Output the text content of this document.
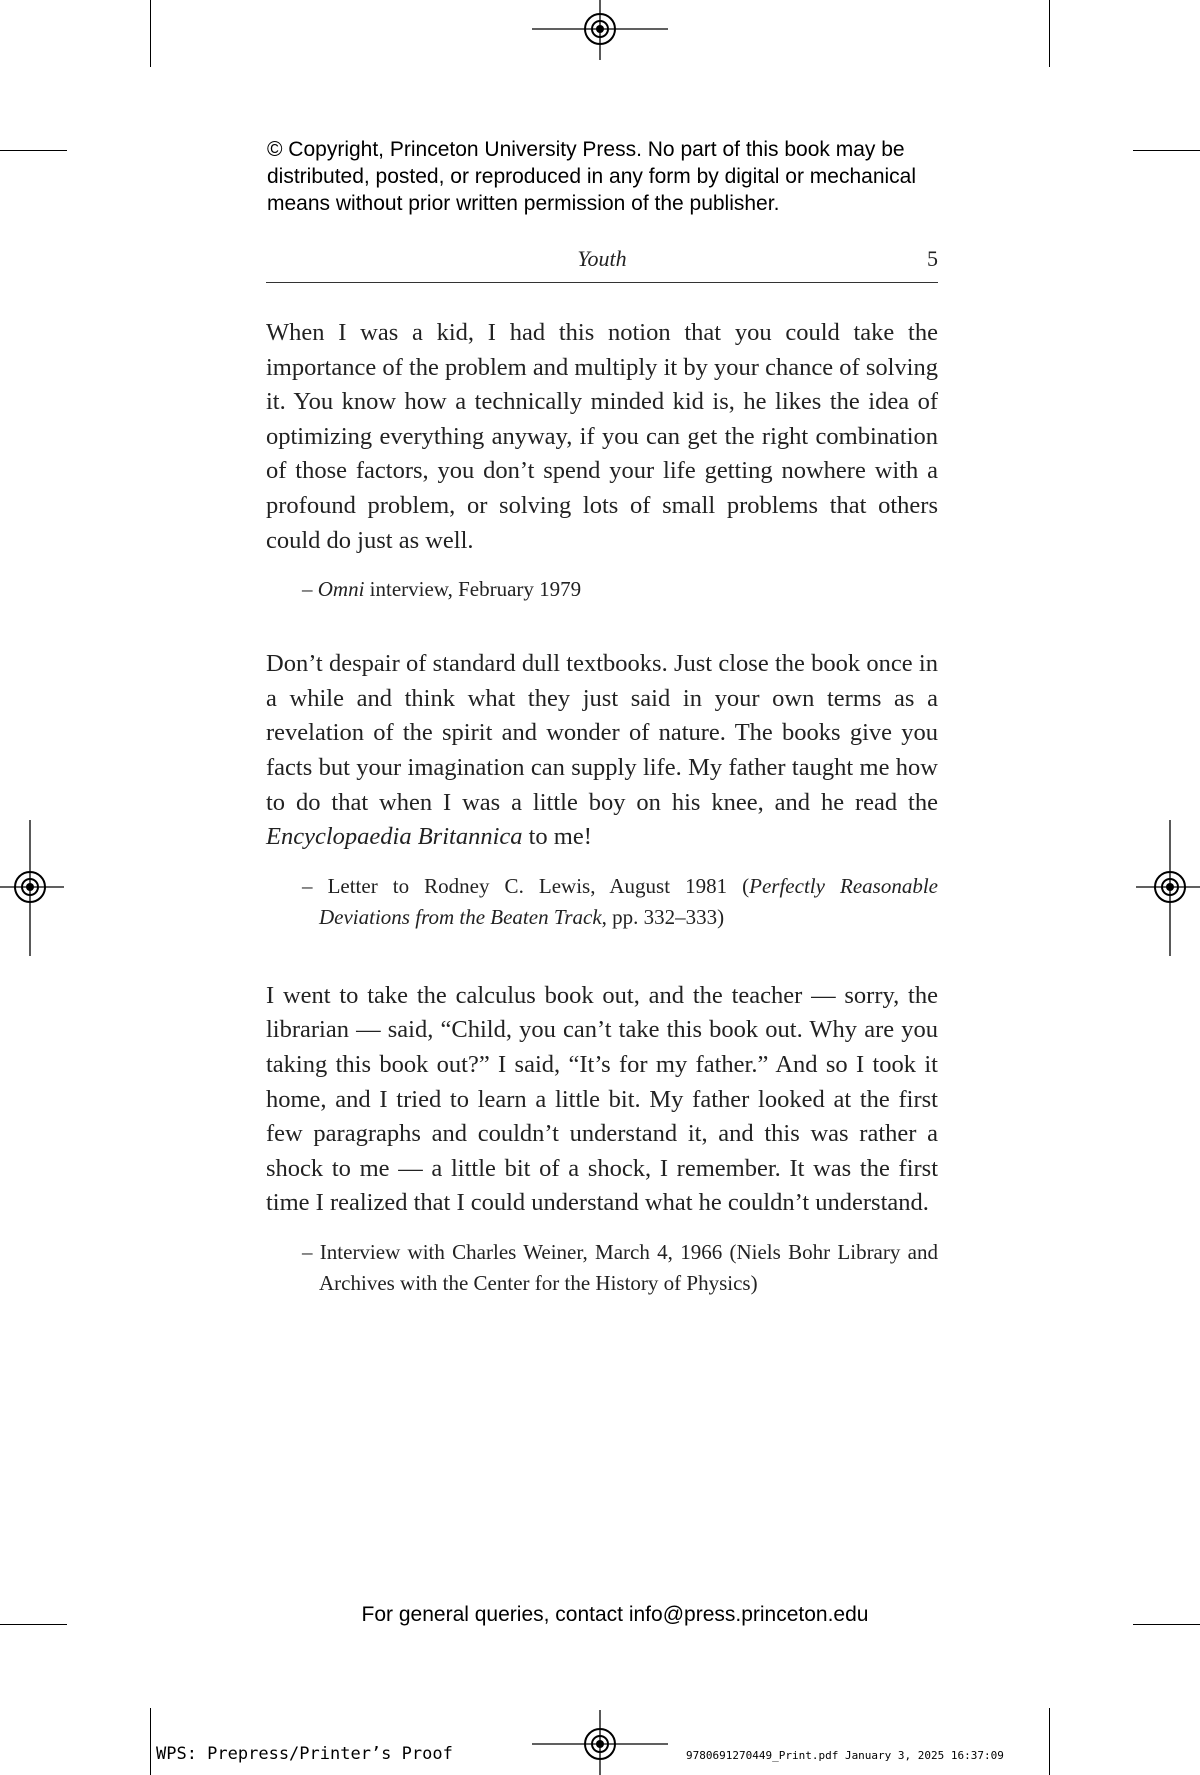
© Copyright, Princeton University Press. No part of this book may be
distributed, posted, or reproduced in any form by digital or mechanical
means without prior written permission of the publisher.
Youth	5

When I was a kid, I had this notion that you could take the importance of the problem and multiply it by your chance of solving it. You know how a technically minded kid is, he likes the idea of optimizing everything anyway, if you can get the right combination of those factors, you don’t spend your life getting nowhere with a profound problem, or solving lots of small problems that others could do just as well.

– Omni interview, February 1979

Don’t despair of standard dull textbooks. Just close the book once in a while and think what they just said in your own terms as a revelation of the spirit and wonder of nature. The books give you facts but your imagination can supply life. My father taught me how to do that when I was a little boy on his knee, and he read the Encyclopaedia Britannica to me!

– Letter to Rodney C. Lewis, August 1981 (Perfectly Reasonable Deviations from the Beaten Track, pp. 332–333)

I went to take the calculus book out, and the teacher — sorry, the librarian — said, “Child, you can’t take this book out. Why are you taking this book out?” I said, “It’s for my father.” And so I took it home, and I tried to learn a little bit. My father looked at the first few paragraphs and couldn’t understand it, and this was rather a shock to me — a little bit of a shock, I remember. It was the first time I realized that I could understand what he couldn’t understand.

– Interview with Charles Weiner, March 4, 1966 (Niels Bohr Library and Archives with the Center for the History of Physics)

For general queries, contact info@press.princeton.edu
WPS: Prepress/Printer’s Proof	9780691270449_Print.pdf January 3, 2025 16:37:09
